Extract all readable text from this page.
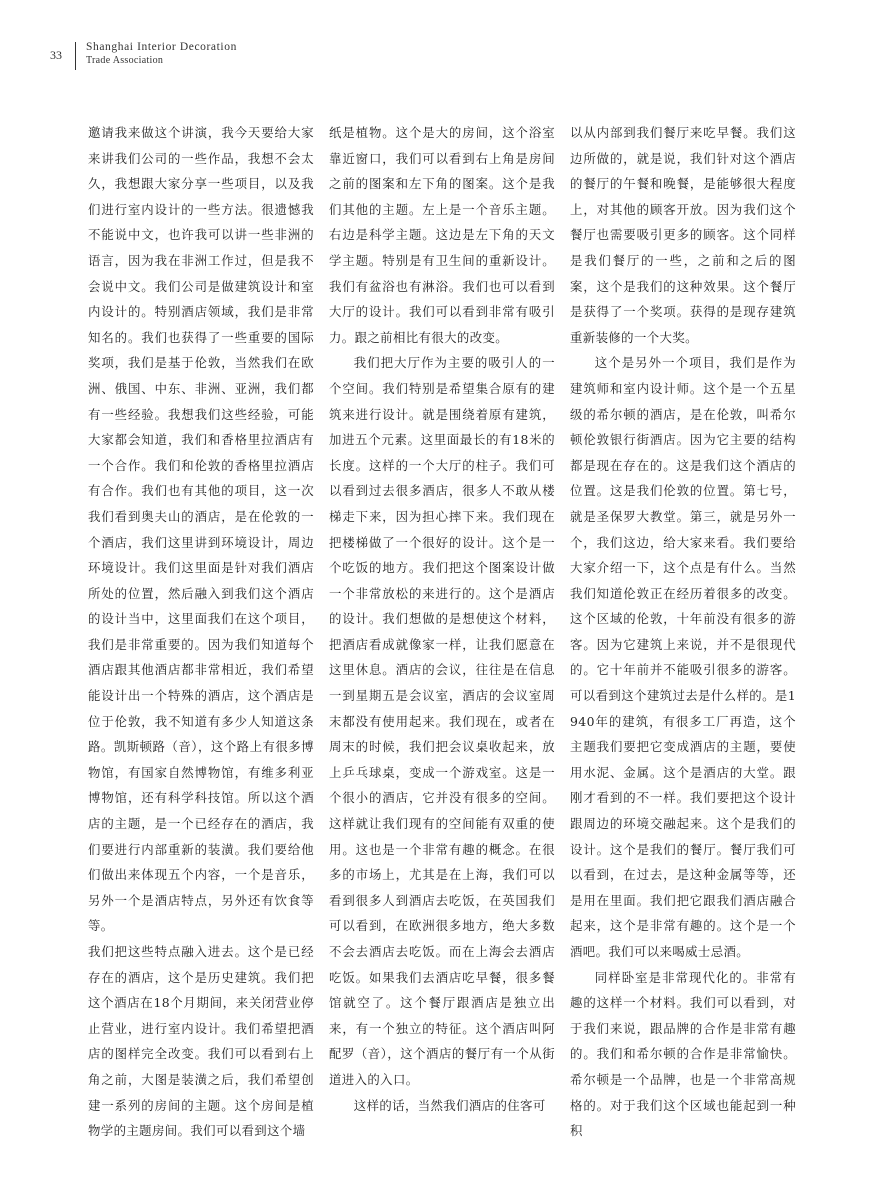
33
Shanghai Interior Decoration
Trade Association

邀请我来做这个讲演，我今天要给大家来讲我们公司的一些作品，我想不会太久，我想跟大家分享一些项目，以及我们进行室内设计的一些方法。很遗憾我不能说中文，也许我可以讲一些非洲的语言，因为我在非洲工作过，但是我不会说中文。我们公司是做建筑设计和室内设计的。特别酒店领域，我们是非常知名的。我们也获得了一些重要的国际奖项，我们是基于伦敦，当然我们在欧洲、俄国、中东、非洲、亚洲，我们都有一些经验。我想我们这些经验，可能大家都会知道，我们和香格里拉酒店有一个合作。我们和伦敦的香格里拉酒店有合作。我们也有其他的项目，这一次我们看到奥夫山的酒店，是在伦敦的一个酒店，我们这里讲到环境设计，周边环境设计。我们这里面是针对我们酒店所处的位置，然后融入到我们这个酒店的设计当中，这里面我们在这个项目，我们是非常重要的。因为我们知道每个酒店跟其他酒店都非常相近，我们希望能设计出一个特殊的酒店，这个酒店是位于伦敦，我不知道有多少人知道这条路。凯斯顿路（音），这个路上有很多博物馆，有国家自然博物馆，有维多利亚博物馆，还有科学科技馆。所以这个酒店的主题，是一个已经存在的酒店，我们要进行内部重新的装潢。我们要给他们做出来体现五个内容，一个是音乐，另外一个是酒店特点，另外还有饮食等等。

我们把这些特点融入进去。这个是已经存在的酒店，这个是历史建筑。我们把这个酒店在18个月期间，来关闭营业停止营业，进行室内设计。我们希望把酒店的图样完全改变。我们可以看到右上角之前，大图是装潢之后，我们希望创建一系列的房间的主题。这个房间是植物学的主题房间。我们可以看到这个墙

纸是植物。这个是大的房间，这个浴室靠近窗口，我们可以看到右上角是房间之前的图案和左下角的图案。这个是我们其他的主题。左上是一个音乐主题。右边是科学主题。这边是左下角的天文学主题。特别是有卫生间的重新设计。我们有盆浴也有淋浴。我们也可以看到大厅的设计。我们可以看到非常有吸引力。跟之前相比有很大的改变。

我们把大厅作为主要的吸引人的一个空间。我们特别是希望集合原有的建筑来进行设计。就是围绕着原有建筑，加进五个元素。这里面最长的有18米的长度。这样的一个大厅的柱子。我们可以看到过去很多酒店，很多人不敢从楼梯走下来，因为担心摔下来。我们现在把楼梯做了一个很好的设计。这个是一个吃饭的地方。我们把这个图案设计做一个非常放松的来进行的。这个是酒店的设计。我们想做的是想使这个材料，把酒店看成就像家一样，让我们愿意在这里休息。酒店的会议，往往是在信息一到星期五是会议室，酒店的会议室周末都没有使用起来。我们现在，或者在周末的时候，我们把会议桌收起来，放上乒乓球桌，变成一个游戏室。这是一个很小的酒店，它并没有很多的空间。这样就让我们现有的空间能有双重的使用。这也是一个非常有趣的概念。在很多的市场上，尤其是在上海，我们可以看到很多人到酒店去吃饭，在英国我们可以看到，在欧洲很多地方，绝大多数不会去酒店去吃饭。而在上海会去酒店吃饭。如果我们去酒店吃早餐，很多餐馆就空了。这个餐厅跟酒店是独立出来，有一个独立的特征。这个酒店叫阿配罗（音），这个酒店的餐厅有一个从街道进入的入口。

这样的话，当然我们酒店的住客可

以从内部到我们餐厅来吃早餐。我们这边所做的，就是说，我们针对这个酒店的餐厅的午餐和晚餐，是能够很大程度上，对其他的顾客开放。因为我们这个餐厅也需要吸引更多的顾客。这个同样是我们餐厅的一些，之前和之后的图案，这个是我们的这种效果。这个餐厅是获得了一个奖项。获得的是现存建筑重新装修的一个大奖。

这个是另外一个项目，我们是作为建筑师和室内设计师。这个是一个五星级的希尔顿的酒店，是在伦敦，叫希尔顿伦敦银行街酒店。因为它主要的结构都是现在存在的。这是我们这个酒店的位置。这是我们伦敦的位置。第七号，就是圣保罗大教堂。第三，就是另外一个，我们这边，给大家来看。我们要给大家介绍一下，这个点是有什么。当然我们知道伦敦正在经历着很多的改变。这个区域的伦敦，十年前没有很多的游客。因为它建筑上来说，并不是很现代的。它十年前并不能吸引很多的游客。可以看到这个建筑过去是什么样的。是1940年的建筑，有很多工厂再造，这个主题我们要把它变成酒店的主题，要使用水泥、金属。这个是酒店的大堂。跟刚才看到的不一样。我们要把这个设计跟周边的环境交融起来。这个是我们的设计。这个是我们的餐厅。餐厅我们可以看到，在过去，是这种金属等等，还是用在里面。我们把它跟我们酒店融合起来，这个是非常有趣的。这个是一个酒吧。我们可以来喝威士忌酒。

同样卧室是非常现代化的。非常有趣的这样一个材料。我们可以看到，对于我们来说，跟品牌的合作是非常有趣的。我们和希尔顿的合作是非常愉快。希尔顿是一个品牌，也是一个非常高规格的。对于我们这个区域也能起到一种积
